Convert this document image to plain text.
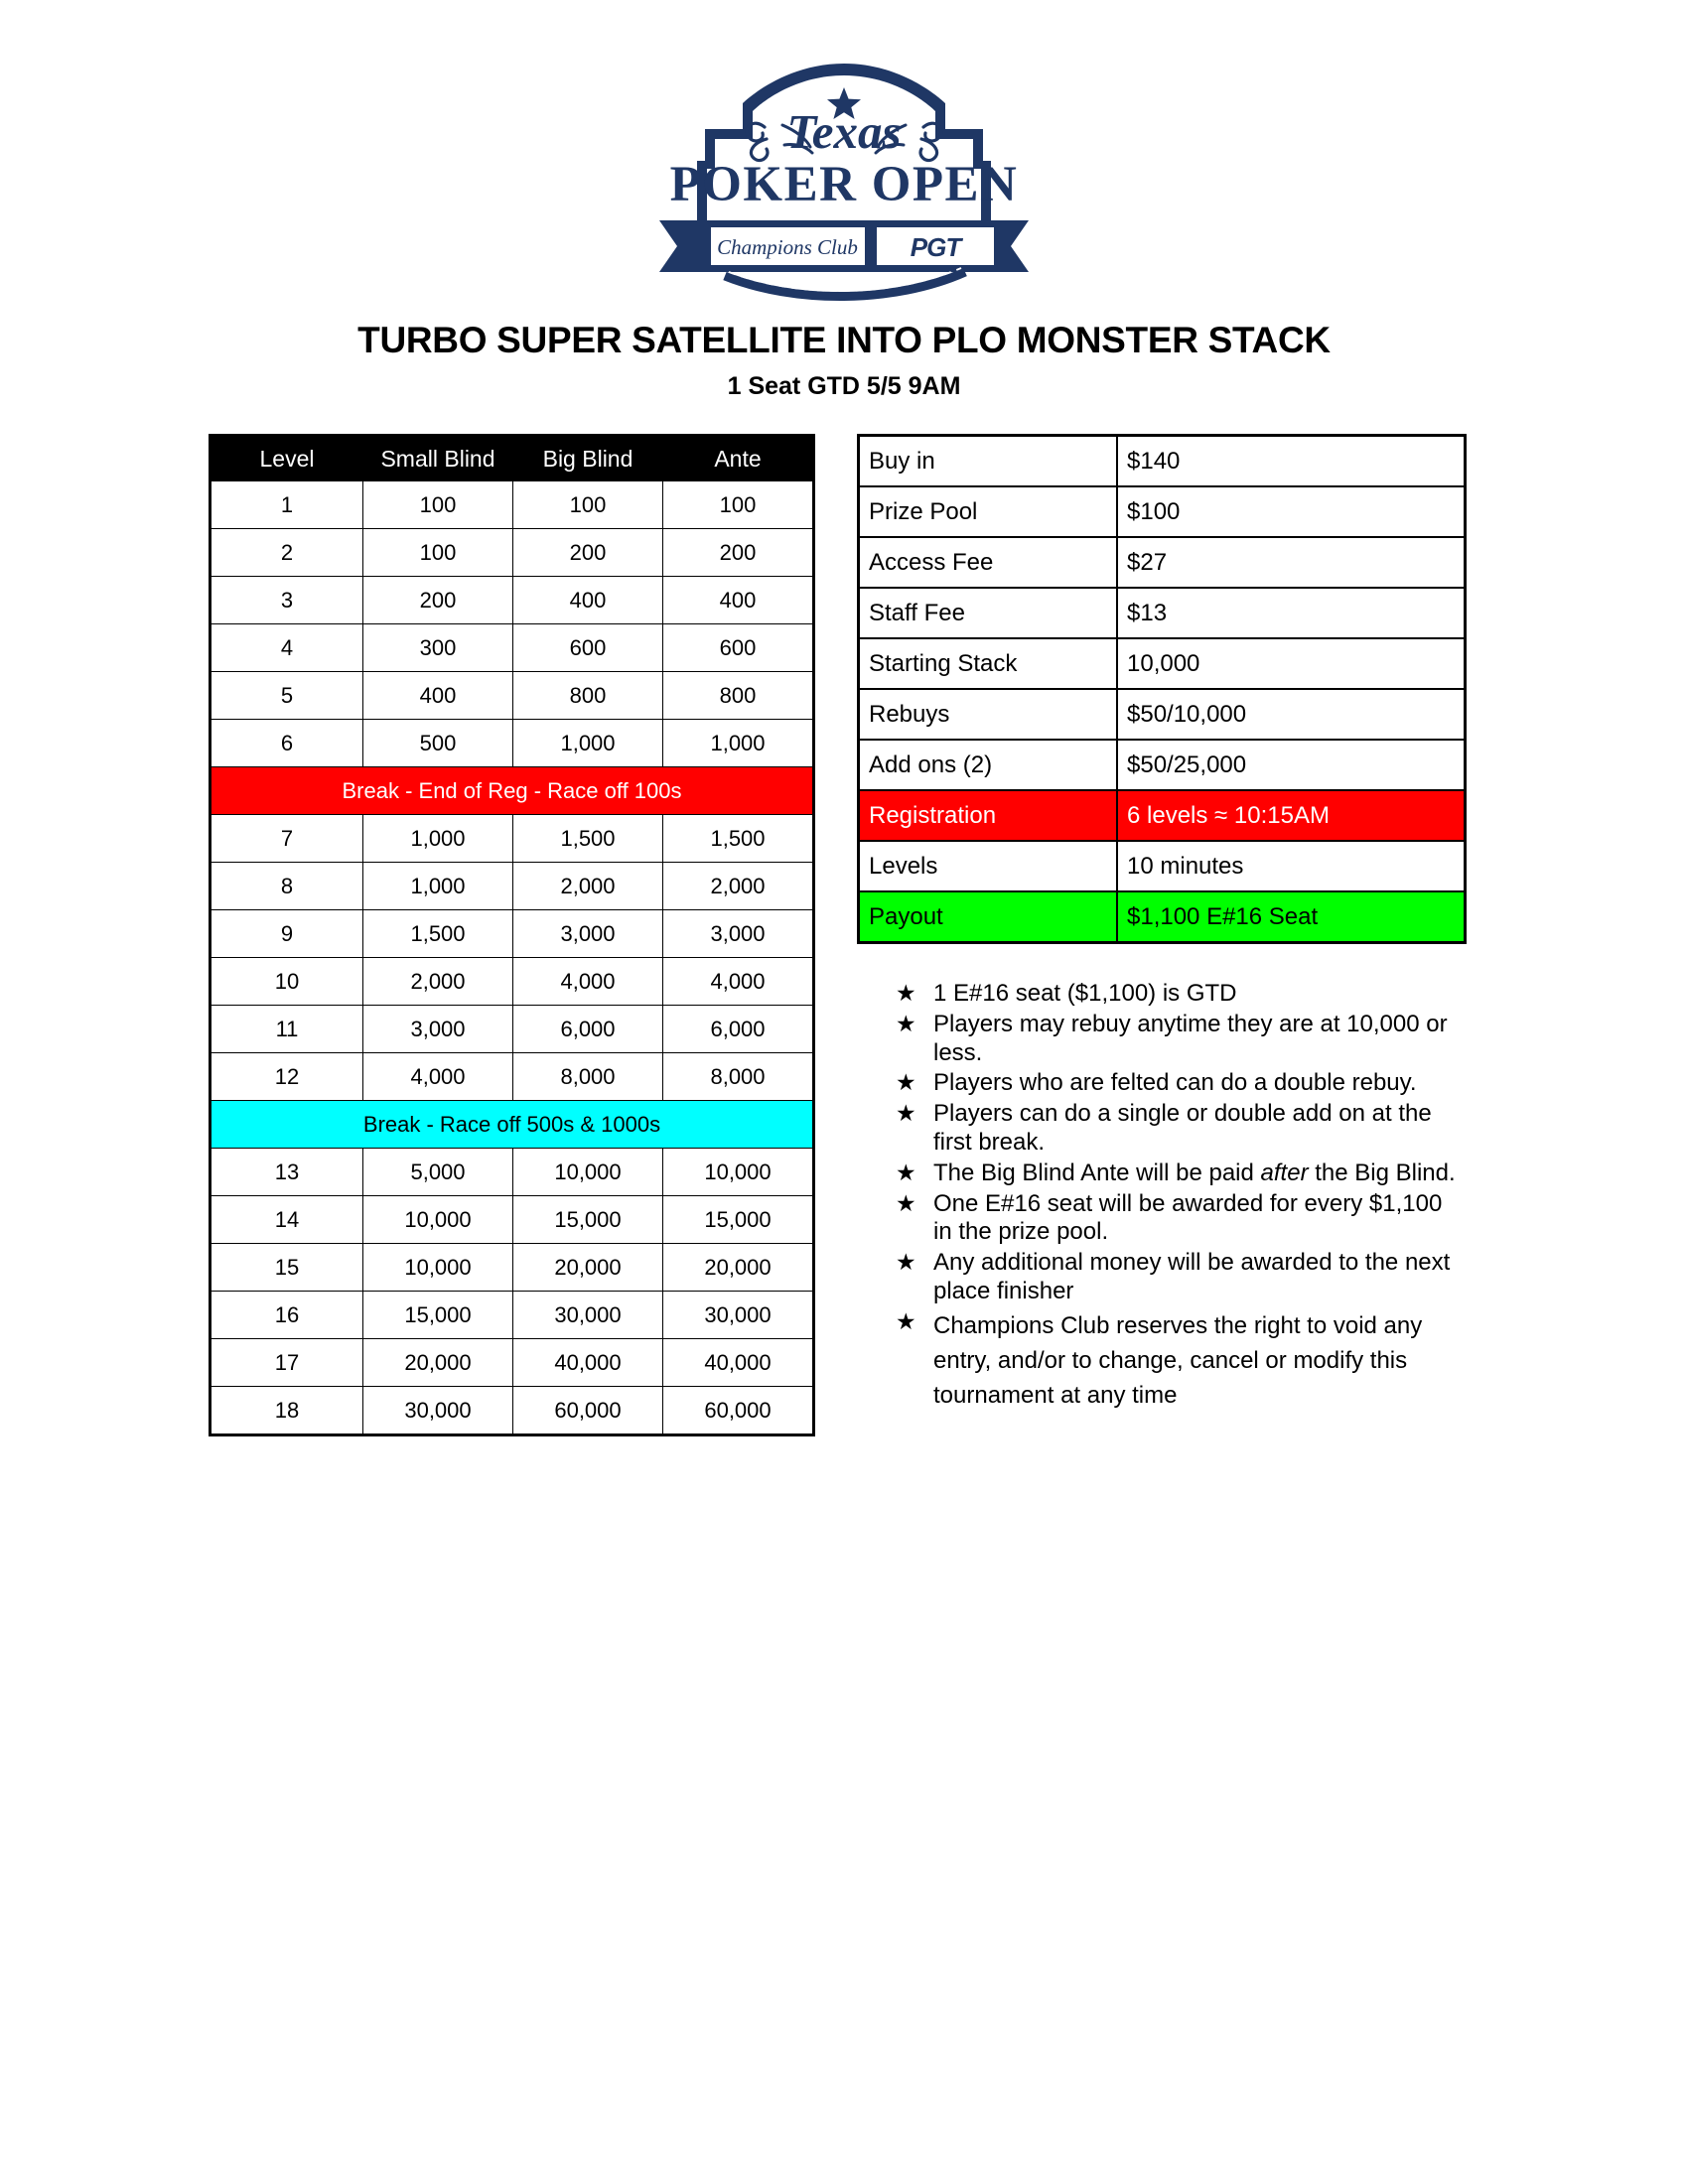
Texas
POKER OPEN
Champions Club PGT
TURBO SUPER SATELLITE INTO PLO MONSTER STACK
1 Seat GTD 5/5 9AM
Level	Small Blind	Big Blind	Ante
1	100	100	100
2	100	200	200
3	200	400	400
4	300	600	600
5	400	800	800
6	500	1,000	1,000
Break - End of Reg - Race off 100s			
7	1,000	1,500	1,500
8	1,000	2,000	2,000
9	1,500	3,000	3,000
10	2,000	4,000	4,000
11	3,000	6,000	6,000
12	4,000	8,000	8,000
Break - Race off 500s & 1000s			
13	5,000	10,000	10,000
14	10,000	15,000	15,000
15	10,000	20,000	20,000
16	15,000	30,000	30,000
17	20,000	40,000	40,000
18	30,000	60,000	60,000
Buy in	$140
Prize Pool	$100
Access Fee	$27
Staff Fee	$13
Starting Stack	10,000
Rebuys	$50/10,000
Add ons (2)	$50/25,000
Registration	6 levels ≈ 10:15AM
Levels	10 minutes
Payout	$1,100 E#16 Seat
★ 1 E#16 seat ($1,100) is GTD
★ Players may rebuy anytime they are at 10,000 or less.
★ Players who are felted can do a double rebuy.
★ Players can do a single or double add on at the first break.
★ The Big Blind Ante will be paid after the Big Blind.
★ One E#16 seat will be awarded for every $1,100 in the prize pool.
★ Any additional money will be awarded to the next place finisher
★ Champions Club reserves the right to void any entry, and/or to change, cancel or modify this tournament at any time
